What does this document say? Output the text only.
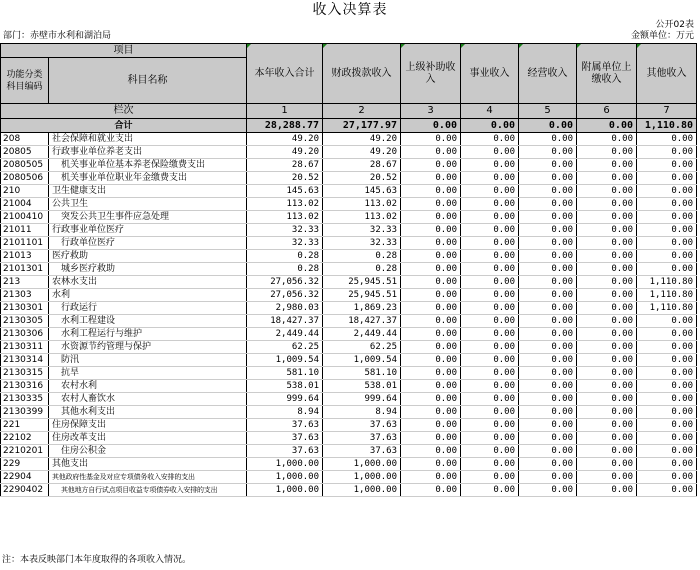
收入决算表
公开02表
部门：赤壁市水利和湖泊局	金额单位：万元
项目		本年收入合计	财政拨款收入	上级补助收入	事业收入	经营收入	附属单位上缴收入	其他收入
功能分类
科目编码	科目名称							
栏次		1	2	3	4	5	6	7
合计		28,288.77	27,177.97	0.00	0.00	0.00	0.00	1,110.80
208	社会保障和就业支出	49.20	49.20	0.00	0.00	0.00	0.00	0.00
20805	行政事业单位养老支出	49.20	49.20	0.00	0.00	0.00	0.00	0.00
2080505	机关事业单位基本养老保险缴费支出	28.67	28.67	0.00	0.00	0.00	0.00	0.00
2080506	机关事业单位职业年金缴费支出	20.52	20.52	0.00	0.00	0.00	0.00	0.00
210	卫生健康支出	145.63	145.63	0.00	0.00	0.00	0.00	0.00
21004	公共卫生	113.02	113.02	0.00	0.00	0.00	0.00	0.00
2100410	突发公共卫生事件应急处理	113.02	113.02	0.00	0.00	0.00	0.00	0.00
21011	行政事业单位医疗	32.33	32.33	0.00	0.00	0.00	0.00	0.00
2101101	行政单位医疗	32.33	32.33	0.00	0.00	0.00	0.00	0.00
21013	医疗救助	0.28	0.28	0.00	0.00	0.00	0.00	0.00
2101301	城乡医疗救助	0.28	0.28	0.00	0.00	0.00	0.00	0.00
213	农林水支出	27,056.32	25,945.51	0.00	0.00	0.00	0.00	1,110.80
21303	水利	27,056.32	25,945.51	0.00	0.00	0.00	0.00	1,110.80
2130301	行政运行	2,980.03	1,869.23	0.00	0.00	0.00	0.00	1,110.80
2130305	水利工程建设	18,427.37	18,427.37	0.00	0.00	0.00	0.00	0.00
2130306	水利工程运行与维护	2,449.44	2,449.44	0.00	0.00	0.00	0.00	0.00
2130311	水资源节约管理与保护	62.25	62.25	0.00	0.00	0.00	0.00	0.00
2130314	防汛	1,009.54	1,009.54	0.00	0.00	0.00	0.00	0.00
2130315	抗旱	581.10	581.10	0.00	0.00	0.00	0.00	0.00
2130316	农村水利	538.01	538.01	0.00	0.00	0.00	0.00	0.00
2130335	农村人畜饮水	999.64	999.64	0.00	0.00	0.00	0.00	0.00
2130399	其他水利支出	8.94	8.94	0.00	0.00	0.00	0.00	0.00
221	住房保障支出	37.63	37.63	0.00	0.00	0.00	0.00	0.00
22102	住房改革支出	37.63	37.63	0.00	0.00	0.00	0.00	0.00
2210201	住房公积金	37.63	37.63	0.00	0.00	0.00	0.00	0.00
229	其他支出	1,000.00	1,000.00	0.00	0.00	0.00	0.00	0.00
22904	其他政府性基金及对应专项债务收入安排的支出	1,000.00	1,000.00	0.00	0.00	0.00	0.00	0.00
2290402	其他地方自行试点项目收益专项债券收入安排的支出	1,000.00	1,000.00	0.00	0.00	0.00	0.00	0.00
注：本表反映部门本年度取得的各项收入情况。
